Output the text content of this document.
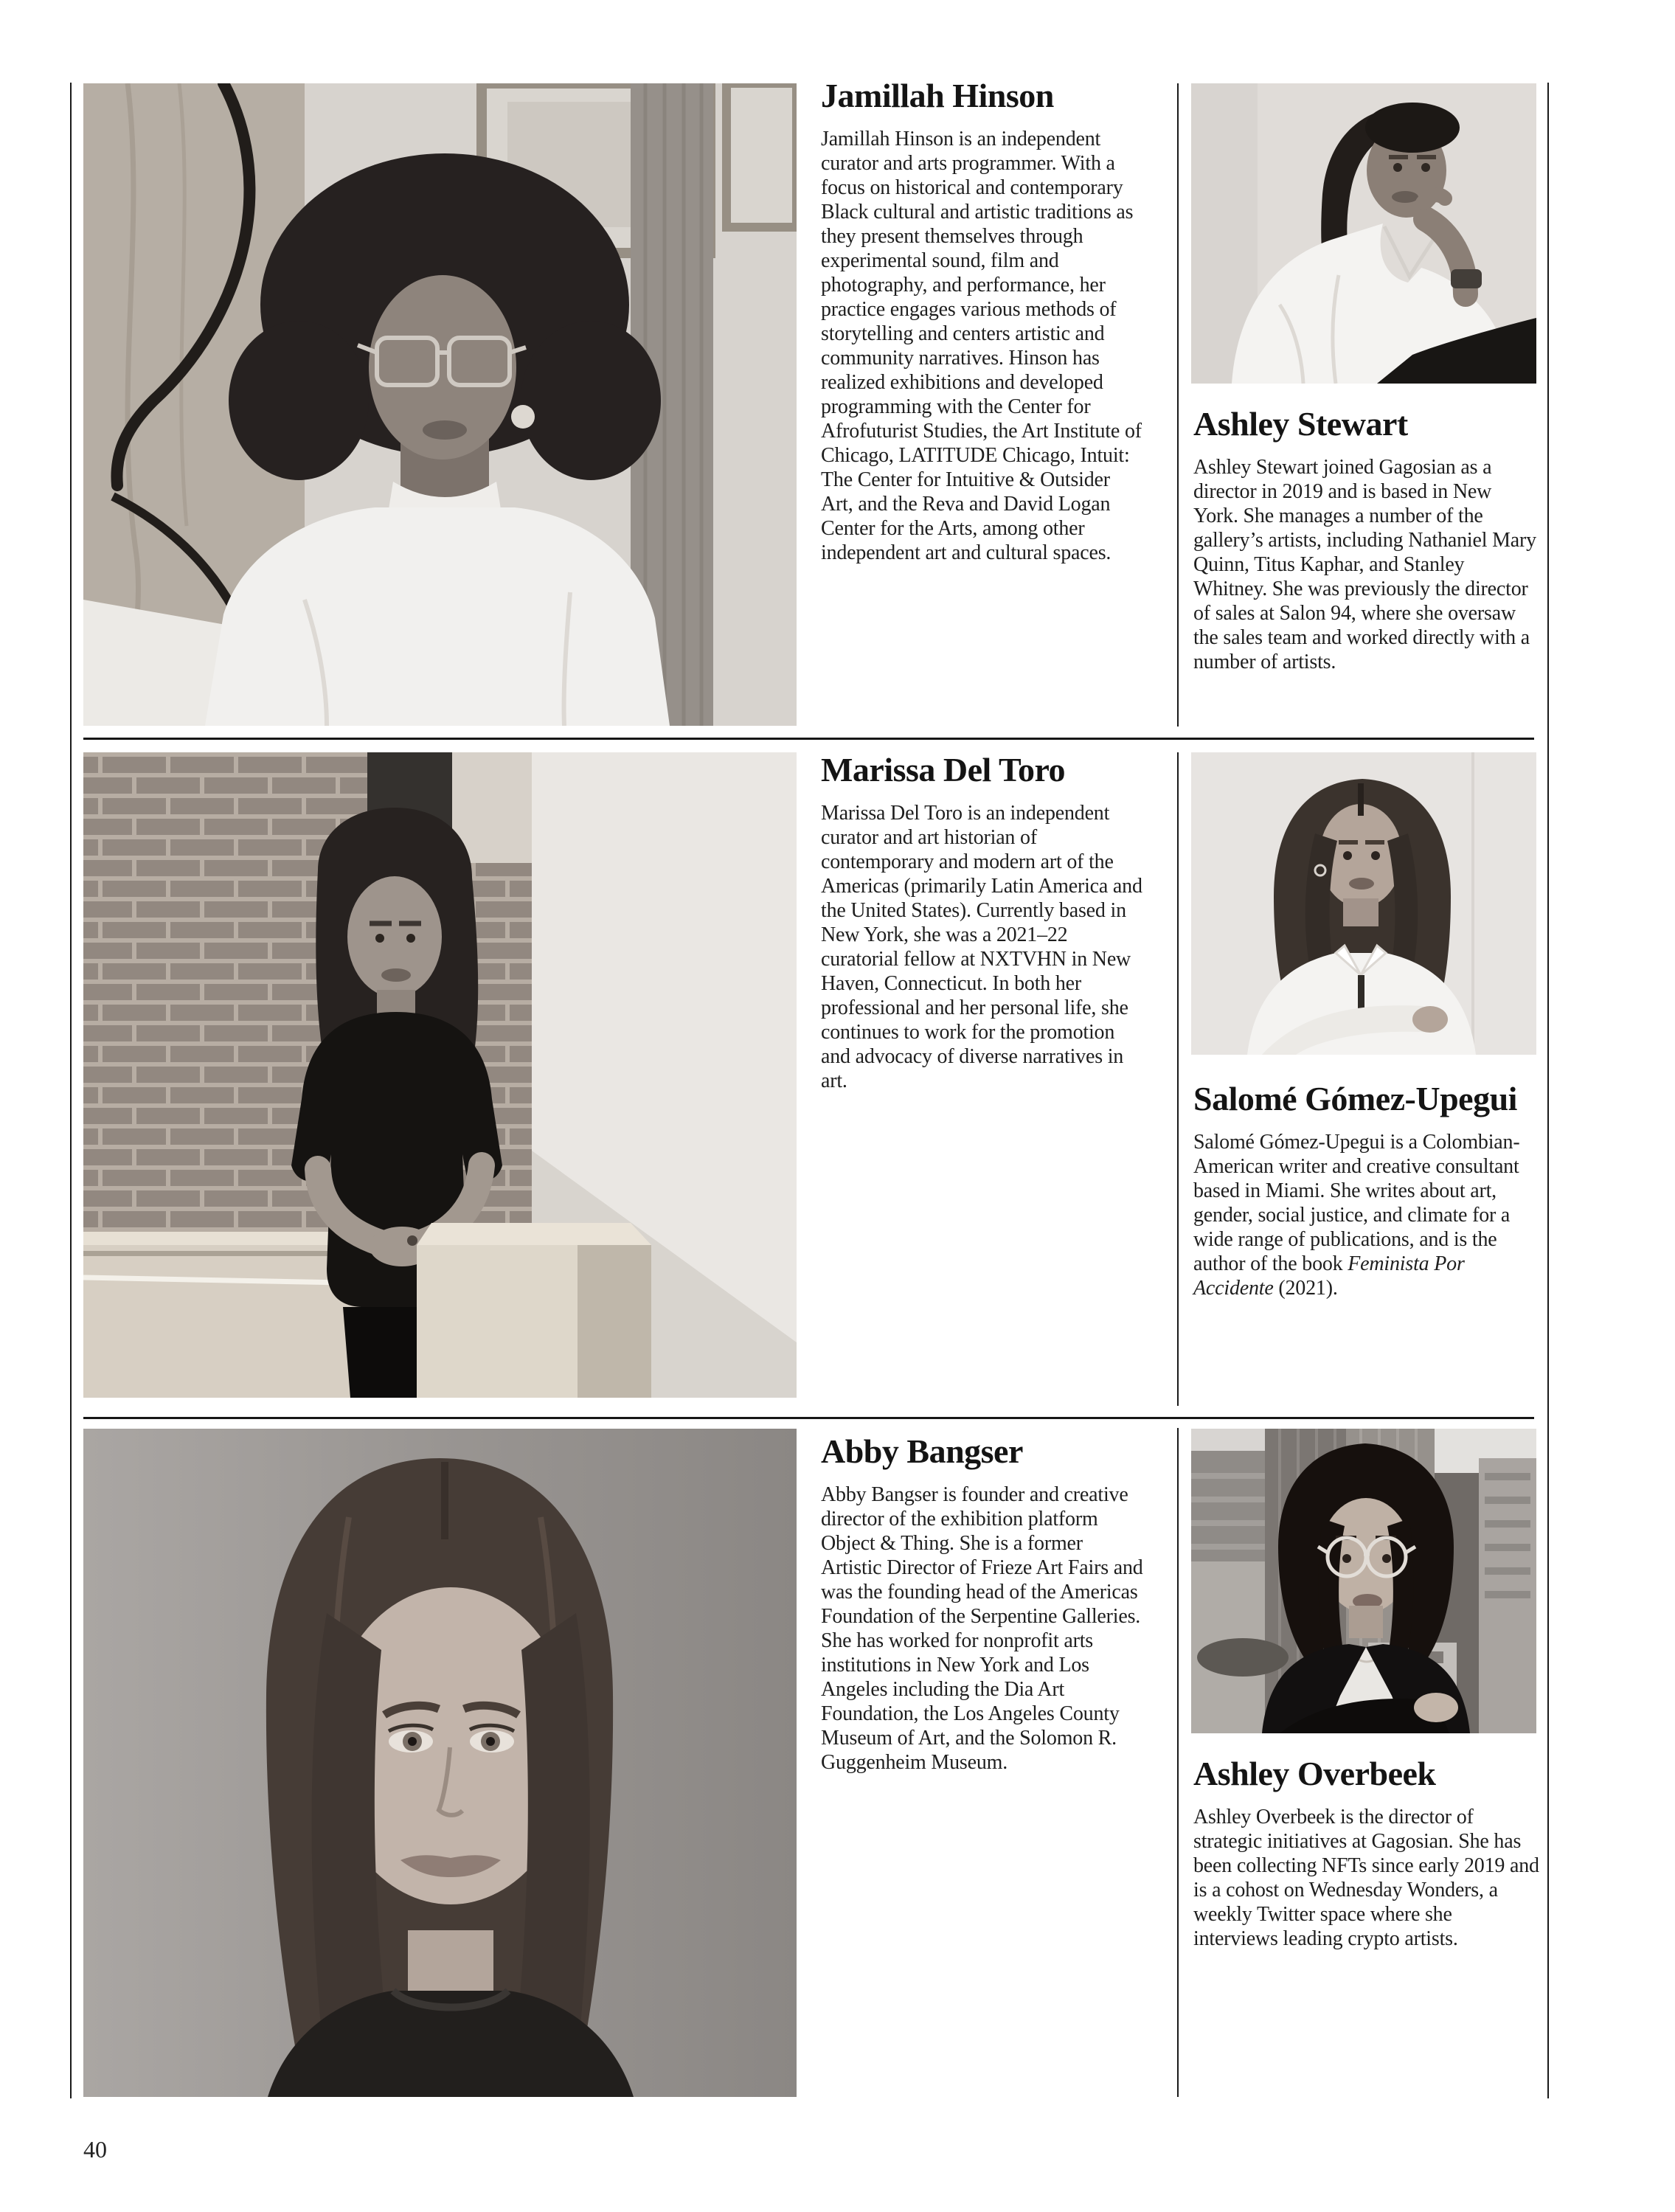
Jamillah Hinson

Jamillah Hinson is an independent curator and arts programmer. With a focus on historical and contemporary Black cultural and artistic traditions as they present themselves through experimental sound, film and photography, and performance, her practice engages various methods of storytelling and centers artistic and community narratives. Hinson has realized exhibitions and developed programming with the Center for Afrofuturist Studies, the Art Institute of Chicago, LATITUDE Chicago, Intuit: The Center for Intuitive & Outsider Art, and the Reva and David Logan Center for the Arts, among other independent art and cultural spaces.

Ashley Stewart

Ashley Stewart joined Gagosian as a director in 2019 and is based in New York. She manages a number of the gallery’s artists, including Nathaniel Mary Quinn, Titus Kaphar, and Stanley Whitney. She was previously the director of sales at Salon 94, where she oversaw the sales team and worked directly with a number of artists.

Marissa Del Toro

Marissa Del Toro is an independent curator and art historian of contemporary and modern art of the Americas (primarily Latin America and the United States). Currently based in New York, she was a 2021–22 curatorial fellow at NXTVHN in New Haven, Connecticut. In both her professional and her personal life, she continues to work for the promotion and advocacy of diverse narratives in art.	Salomé Gómez-Upegui

Salomé Gómez-Upegui is a Colombian-American writer and creative consultant based in Miami. She writes about art, gender, social justice, and climate for a wide range of publications, and is the author of the book Feminista Por Accidente (2021).

Abby Bangser

Abby Bangser is founder and creative director of the exhibition platform Object & Thing. She is a former Artistic Director of Frieze Art Fairs and was the founding head of the Americas Foundation of the Serpentine Galleries. She has worked for nonprofit arts institutions in New York and Los Angeles including the Dia Art Foundation, the Los Angeles County Museum of Art, and the Solomon R. Guggenheim Museum.	Ashley Overbeek

Ashley Overbeek is the director of strategic initiatives at Gagosian. She has been collecting NFTs since early 2019 and is a cohost on Wednesday Wonders, a weekly Twitter space where she interviews leading crypto artists.

40
